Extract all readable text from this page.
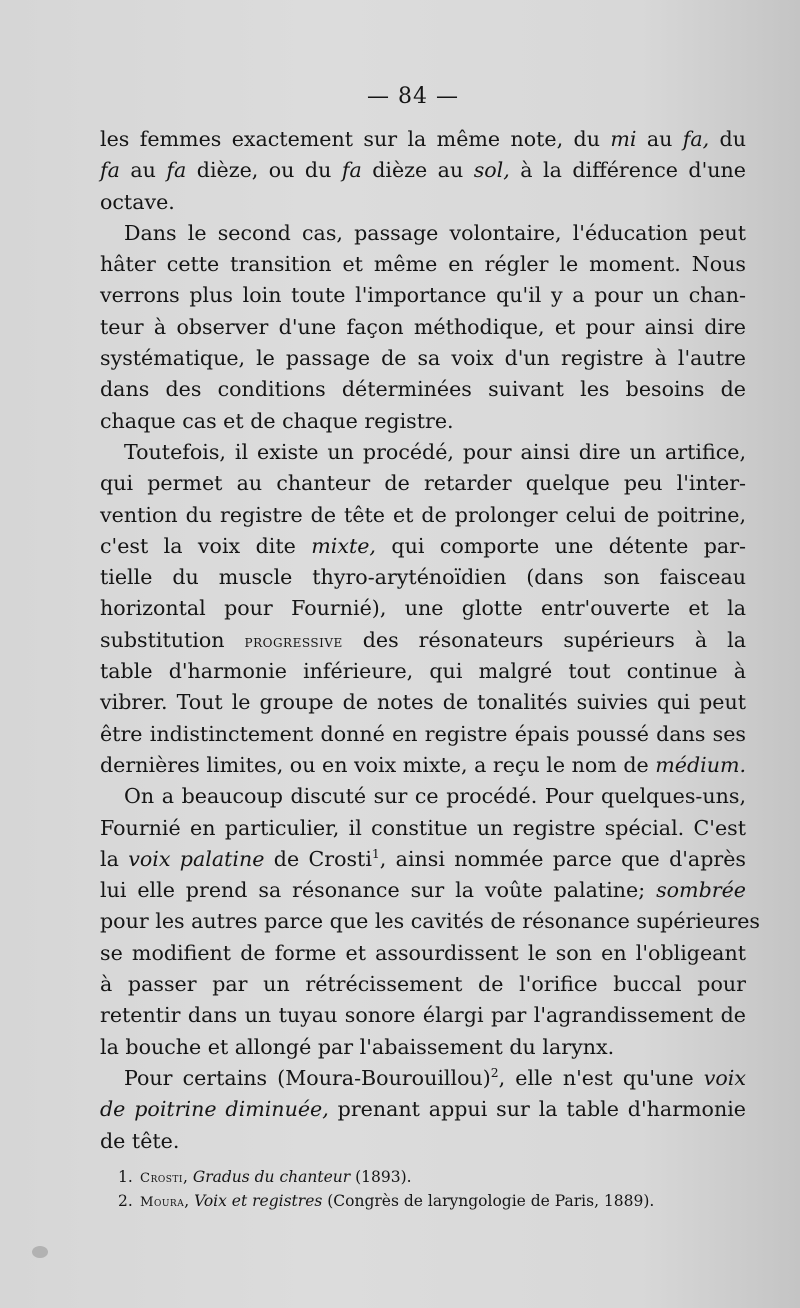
— 84 —
les femmes exactement sur la même note, du mi au fa, du
fa au fa dièze, ou du fa dièze au sol, à la différence d'une
octave.
Dans le second cas, passage volontaire, l'éducation peut
hâter cette transition et même en régler le moment. Nous
verrons plus loin toute l'importance qu'il y a pour un chan-
teur à observer d'une façon méthodique, et pour ainsi dire
systématique, le passage de sa voix d'un registre à l'autre
dans des conditions déterminées suivant les besoins de
chaque cas et de chaque registre.
Toutefois, il existe un procédé, pour ainsi dire un artifice,
qui permet au chanteur de retarder quelque peu l'inter-
vention du registre de tête et de prolonger celui de poitrine,
c'est la voix dite mixte, qui comporte une détente par-
tielle du muscle thyro-aryténoïdien (dans son faisceau
horizontal pour Fournié), une glotte entr'ouverte et la
substitution progressive des résonateurs supérieurs à la
table d'harmonie inférieure, qui malgré tout continue à
vibrer. Tout le groupe de notes de tonalités suivies qui peut
être indistinctement donné en registre épais poussé dans ses
dernières limites, ou en voix mixte, a reçu le nom de médium.
On a beaucoup discuté sur ce procédé. Pour quelques-uns,
Fournié en particulier, il constitue un registre spécial. C'est
la voix palatine de Crosti$^1$, ainsi nommée parce que d'après
lui elle prend sa résonance sur la voûte palatine; sombrée
pour les autres parce que les cavités de résonance supérieures
se modifient de forme et assourdissent le son en l'obligeant
à passer par un rétrécissement de l'orifice buccal pour
retentir dans un tuyau sonore élargi par l'agrandissement de
la bouche et allongé par l'abaissement du larynx.
Pour certains (Moura-Bourouillou)$^2$, elle n'est qu'une voix
de poitrine diminuée, prenant appui sur la table d'harmonie
de tête.
1. Crosti, Gradus du chanteur (1893).
2. Moura, Voix et registres (Congrès de laryngologie de Paris, 1889).
